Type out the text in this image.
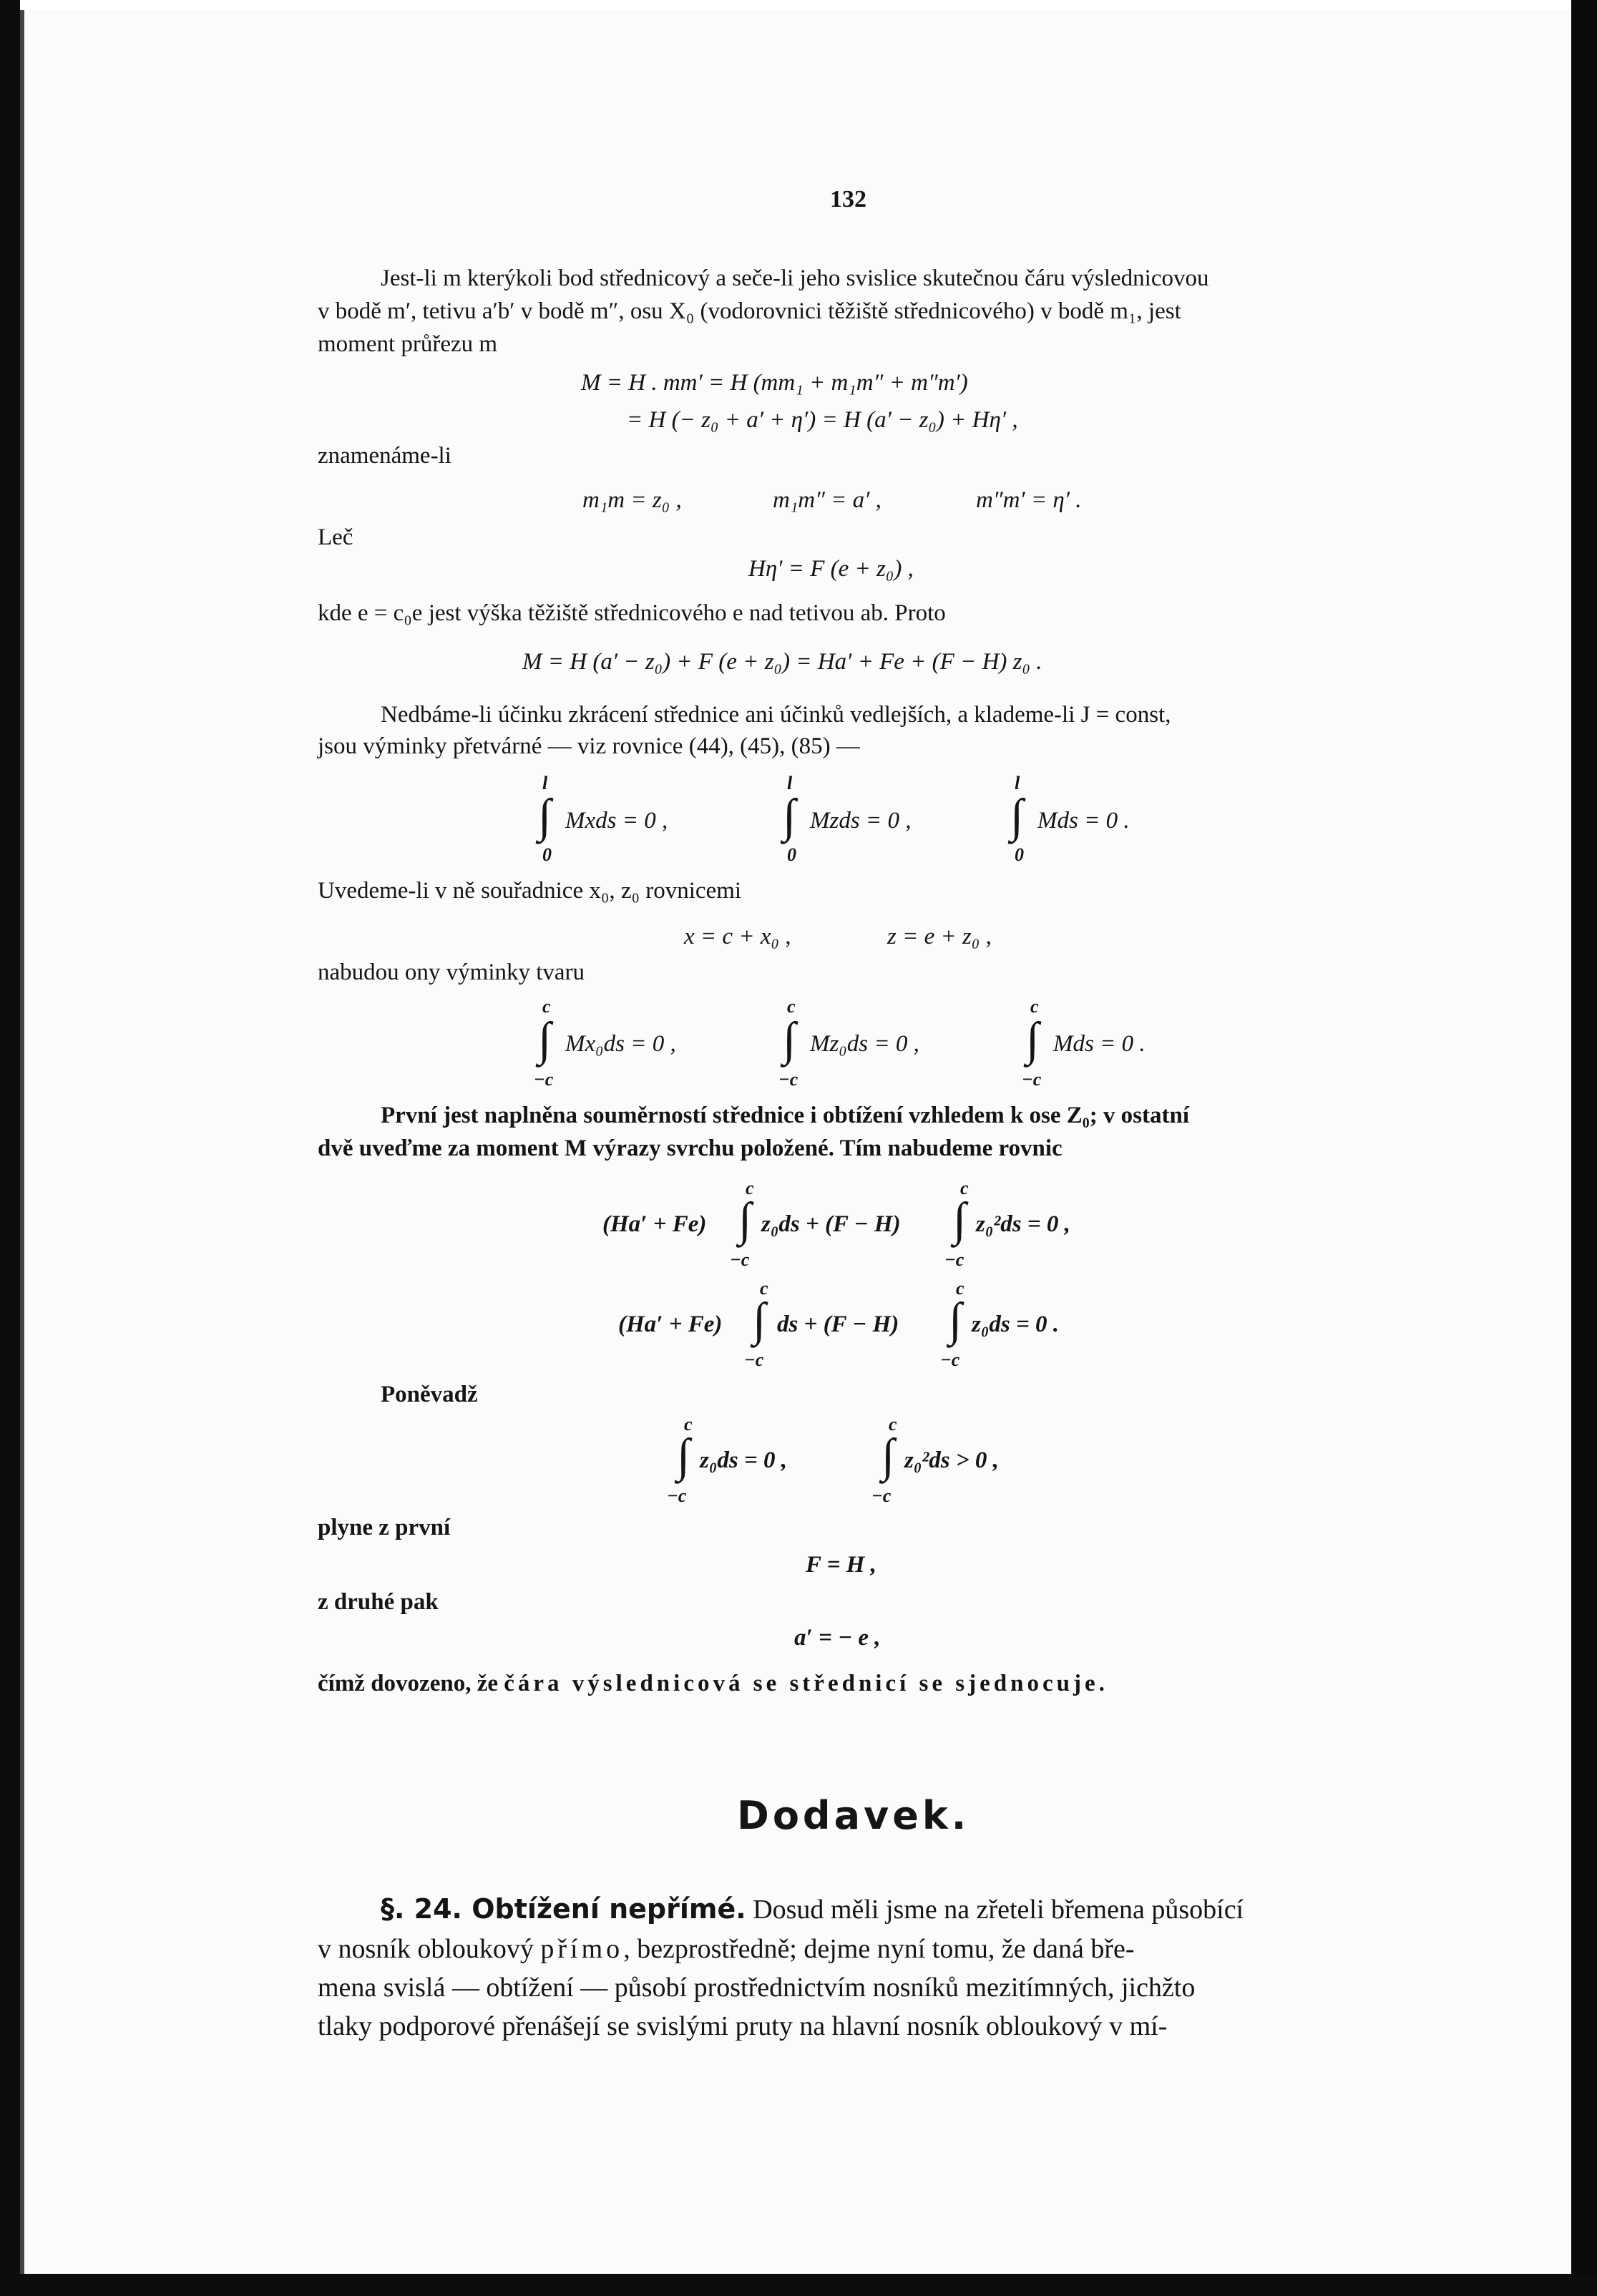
132
Jest-li m kterýkoli bod střednicový a seče-li jeho svislice skutečnou čáru výslednicovou
v bodě m′, tetivu a′b′ v bodě m″, osu X₀ (vodorovnici těžiště střednicového) v bodě m₁, jest
moment průřezu m
M = H . mm′ = H (mm₁ + m₁m″ + m″m′)
= H (− z₀ + a′ + η′) = H (a′ − z₀) + Hη′ ,
znamenáme-li
m₁m = z₀ ,	m₁m″ = a′ ,	m″m′ = η′ .
Leč
Hη′ = F (e + z₀) ,
kde e = c₀e jest výška těžiště střednicového e nad tetivou ab. Proto
M = H (a′ − z₀) + F (e + z₀) = Ha′ + Fe + (F − H) z₀ .
Nedbáme-li účinku zkrácení střednice ani účinků vedlejších, a klademe-li J = const,
jsou výminky přetvárné — viz rovnice (44), (45), (85) —
l
∫
0
Mxds = 0 ,
l
∫
0
Mzds = 0 ,
l
∫
0
Mds = 0 .
Uvedeme-li v ně souřadnice x₀, z₀ rovnicemi
x = c + x₀ ,	z = e + z₀ ,
nabudou ony výminky tvaru
c
∫
−c
Mx₀ds = 0 ,
c
∫
−c
Mz₀ds = 0 ,
c
∫
−c
Mds = 0 .
První jest naplněna souměrností střednice i obtížení vzhledem k ose Z₀; v ostatní
dvě uveďme za moment M výrazy svrchu položené. Tím nabudeme rovnic
(Ha′ + Fe)
c
∫
−c
z₀ds + (F − H)
c
∫
−c
z₀²ds = 0 ,
(Ha′ + Fe)
c
∫
−c
ds + (F − H)
c
∫
−c
z₀ds = 0 .
Poněvadž
c
∫
−c
z₀ds = 0 ,
c
∫
−c
z₀²ds > 0 ,
plyne z první
F = H ,
z druhé pak
a′ = − e ,
čímž dovozeno, že čára výslednicová se střednicí se sjednocuje.
Dodavek.
§. 24. Obtížení nepřímé. Dosud měli jsme na zřeteli břemena působící
v nosník obloukový přímo, bezprostředně; dejme nyní tomu, že daná bře-
mena svislá — obtížení — působí prostřednictvím nosníků mezitímných, jichžto
tlaky podporové přenášejí se svislými pruty na hlavní nosník obloukový v mí-
